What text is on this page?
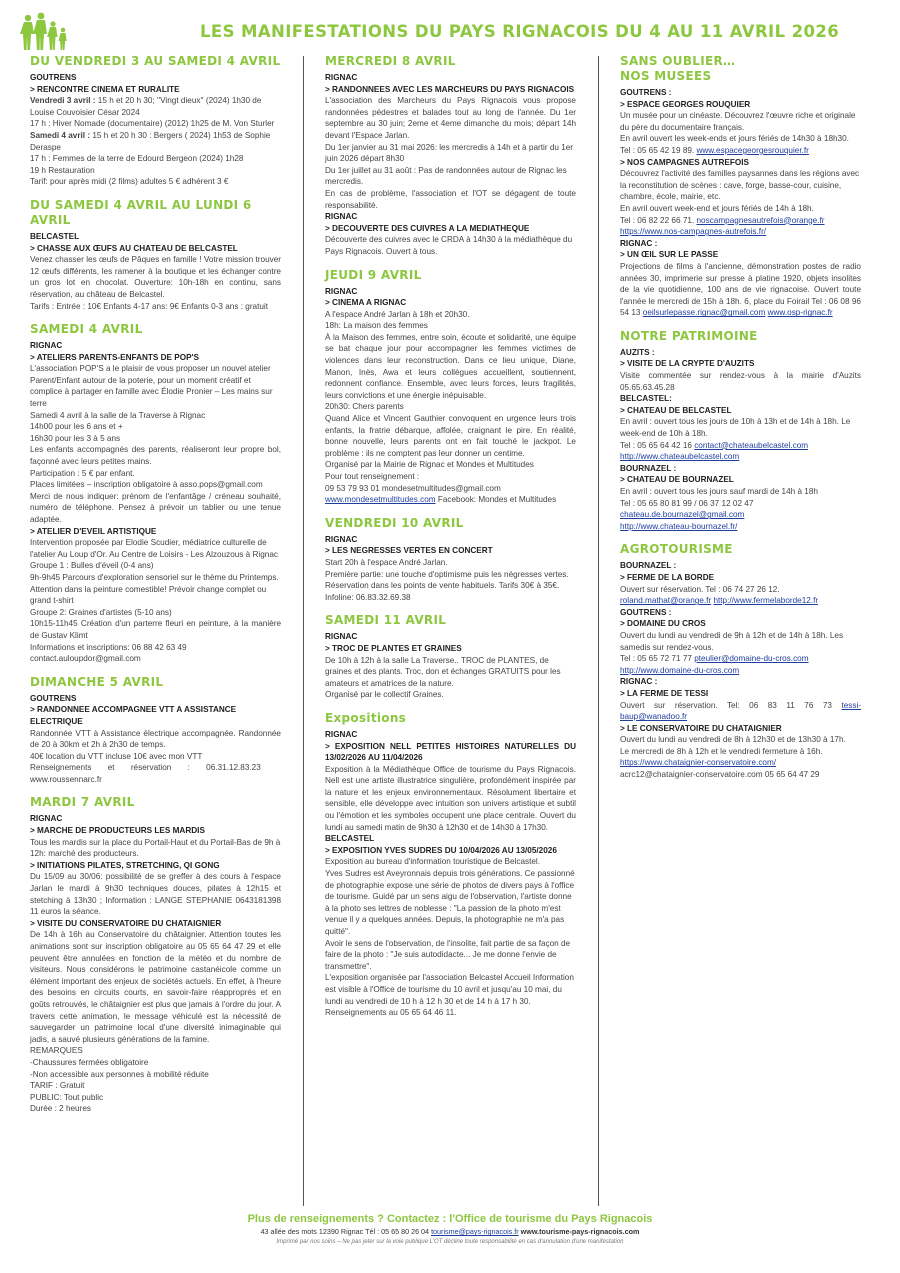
LES MANIFESTATIONS DU PAYS RIGNACOIS DU 4 AU 11 AVRIL 2026
DU VENDREDI 3 AU SAMEDI 4 AVRIL
GOUTRENS
> RENCONTRE CINEMA ET RURALITE

Vendredi 3 avril : 15 h et 20 h 30; ''Vingt dieux'' (2024) 1h30 de Louise Couvoisier César 2024

17 h : Hiver Nomade (documentaire) (2012) 1h25 de M. Von Sturler

Samedi 4 avril : 15 h et 20 h 30 : Bergers ( 2024) 1h53 de Sophie Deraspe

17 h : Femmes de la terre de Edourd Bergeon (2024) 1h28

19 h Restauration

Tarif: pour après midi (2 films) adultes 5 € adhérent 3 €

DU SAMEDI 4 AVRIL AU LUNDI 6 AVRIL
BELCASTEL
> CHASSE AUX ŒUFS AU CHATEAU DE BELCASTEL

Venez chasser les œufs de Pâques en famille ! Votre mission trouver 12 œufs différents, les ramener à la boutique et les échanger contre un gros lot en chocolat. Ouverture: 10h-18h en continu, sans réservation, au château de Belcastel.

Tarifs : Entrée : 10€ Enfants 4-17 ans: 9€ Enfants 0-3 ans : gratuit

SAMEDI 4 AVRIL
RIGNAC
> ATELIERS PARENTS-ENFANTS DE POP'S

L'association POP'S a le plaisir de vous proposer un nouvel atelier Parent/Enfant autour de la poterie, pour un moment créatif et complice à partager en famille avec Élodie Pronier – Les mains sur terre

Samedi 4 avril à la salle de la Traverse à Rignac

14h00 pour les 6 ans et +

16h30 pour les 3 à 5 ans

Les enfants accompagnés des parents, réaliseront leur propre bol, façonné avec leurs petites mains.

Participation : 5 € par enfant.

Places limitées – inscription obligatoire à asso.pops@gmail.com

Merci de nous indiquer: prénom de l'enfantâge / créneau souhaité, numéro de téléphone. Pensez à prévoir un tablier ou une tenue adaptée.

> ATELIER D'EVEIL ARTISTIQUE

Intervention proposée par Elodie Scudier, médiatrice culturelle de l'atelier Au Loup d'Or. Au Centre de Loisirs - Les Alzouzous à Rignac

Groupe 1 : Bulles d'éveil (0-4 ans)

9h-9h45 Parcours d'exploration sensoriel sur le thème du Printemps.

Attention dans la peinture comestible! Prévoir change complet ou grand t-shirt

Groupe 2: Graines d'artistes (5-10 ans)

10h15-11h45 Création d'un parterre fleuri en peinture, à la manière de Gustav Klimt

Informations et inscriptions: 06 88 42 63 49

contact.auloupdor@gmail.com

DIMANCHE 5 AVRIL
GOUTRENS
> RANDONNEE ACCOMPAGNEE VTT A ASSISTANCE ELECTRIQUE

Randonnée VTT à Assistance électrique accompagnée. Randonnée de 20 à 30km et 2h à 2h30 de temps.

40€ location du VTT incluse 10€ avec mon VTT

Renseignements et réservation : 06.31.12.83.23

www.roussennarc.fr

MARDI 7 AVRIL
RIGNAC
> MARCHE DE PRODUCTEURS LES MARDIS

Tous les mardis sur la place du Portail-Haut et du Portail-Bas de 9h à 12h: marché des producteurs.

> INITIATIONS PILATES, STRETCHING, QI GONG

Du 15/09 au 30/06: possibilité de se greffer à des cours à l'espace Jarlan le mardi à 9h30 techniques douces, pilates à 12h15 et stetching à 13h30 ; Information : LANGE STEPHANIE 0643181398 11 euros la séance.

> VISITE DU CONSERVATOIRE DU CHATAIGNIER

De 14h à 16h au Conservatoire du châtaignier. Attention toutes les animations sont sur inscription obligatoire au 05 65 64 47 29 et elle peuvent être annulées en fonction de la météo et du nombre de visiteurs. Nous considérons le patrimoine castanéicole comme un élément important des enjeux de sociétés actuels. En effet, à l'heure des besoins en circuits courts, en savoir-faire réapproprés et en goûts retrouvés, le châtaignier est plus que jamais à l'ordre du jour. A travers cette animation, le message véhiculé est la nécessité de sauvegarder un patrimoine local d'une diversité inimaginable qui jadis, a sauvé plusieurs générations de la famine.

REMARQUES

-Chaussures fermées obligatoire

-Non accessible aux personnes à mobilité réduite

TARIF : Gratuit

PUBLIC: Tout public

Durée : 2 heures

MERCREDI 8 AVRIL
RIGNAC
> RANDONNEES AVEC LES MARCHEURS DU PAYS RIGNACOIS

L'association des Marcheurs du Pays Rignacois vous propose randonnées pédestres et balades tout au long de l'année. Du 1er septembre au 30 juin; 2eme et 4eme dimanche du mois; départ 14h devant l'Espace Jarlan.

Du 1er janvier au 31 mai 2026: les mercredis à 14h et à partir du 1er juin 2026 départ 8h30

Du 1er juillet au 31 août : Pas de randonnées autour de Rignac les mercredis.

En cas de problème, l'association et l'OT se dégagent de toute responsabilité.

RIGNAC
> DECOUVERTE DES CUIVRES A LA MEDIATHEQUE

Découverte des cuivres avec le CRDA à 14h30 à la médiathèque du Pays Rignacois. Ouvert à tous.

JEUDI 9 AVRIL
RIGNAC
> CINEMA A RIGNAC

A l'espace André Jarlan à 18h et 20h30.

18h: La maison des femmes

À la Maison des femmes, entre soin, écoute et solidarité, une équipe se bat chaque jour pour accompagner les femmes victimes de violences dans leur reconstruction. Dans ce lieu unique, Diane, Manon, Inès, Awa et leurs collègues accueillent, soutiennent, redonnent confiance. Ensemble, avec leurs forces, leurs fragilités, leurs convictions et une énergie inépuisable.

20h30: Chers parents

Quand Alice et Vincent Gauthier convoquent en urgence leurs trois enfants, la fratrie débarque, affolée, craignant le pire. En réalité, bonne nouvelle, leurs parents ont en fait touché le jackpot. Le problème : ils ne comptent pas leur donner un centime.

Organisé par la Mairie de Rignac et Mondes et Multitudes

Pour tout renseignement :

09 53 79 93 01 mondesetmultitudes@gmail.com

www.mondesetmultitudes.com Facebook: Mondes et Multitudes

VENDREDI 10 AVRIL
RIGNAC
> LES NEGRESSES VERTES EN CONCERT

Start 20h à l'espace André Jarlan.

Première partie: une touche d'optimisme puis les négresses vertes.

Réservation dans les points de vente habituels. Tarifs 30€ à 35€.

Infoline: 06.83.32.69.38

SAMEDI 11 AVRIL
RIGNAC
> TROC DE PLANTES ET GRAINES

De 10h à 12h à la salle La Traverse.. TROC de PLANTES, de graines et des plants. Troc, don et échanges GRATUITS pour les amateurs et amatrices de la nature.

Organisé par le collectif Graines.

Expositions
RIGNAC
> EXPOSITION NELL PETITES HISTOIRES NATURELLES DU 13/02/2026 AU 11/04/2026

Exposition à la Médiathèque Office de tourisme du Pays Rignacois. Nell est une artiste illustratrice singulière, profondément inspirée par la nature et les enjeux environnementaux. Résolument libertaire et sensible, elle développe avec intuition son univers artistique et subtil ou l'émotion et les symboles occupent une place centrale. Ouvert du lundi au samedi matin de 9h30 à 12h30 et de 14h30 à 17h30.

BELCASTEL
> EXPOSITION YVES SUDRES DU 10/04/2026 AU 13/05/2026

Exposition au bureau d'information touristique de Belcastel.

Yves Sudres est Aveyronnais depuis trois générations. Ce passionné de photographie expose une série de photos de divers pays à l'office de tourisme. Guidé par un sens aigu de l'observation, l'artiste donne à la photo ses lettres de noblesse : "La passion de la photo m'est venue il y a quelques années. Depuis, la photographie ne m'a pas quitté".

Avoir le sens de l'observation, de l'insolite, fait partie de sa façon de faire de la photo : "Je suis autodidacte... Je me donne l'envie de transmettre".

L'exposition organisée par l'association Belcastel Accueil Information est visible à l'Office de tourisme du 10 avril et jusqu'au 10 mai, du lundi au vendredi de 10 h à 12 h 30 et de 14 h à 17 h 30. Renseignements au 05 65 64 46 11.

SANS OUBLIER…
NOS MUSEES
GOUTRENS :
> ESPACE GEORGES ROUQUIER

Un musée pour un cinéaste. Découvrez l'œuvre riche et originale du père du documentaire français.

En avril ouvert les week-ends et jours fériés de 14h30 à 18h30.

Tel : 05 65 42 19 89. www.espacegeorgesrouquier.fr

> NOS CAMPAGNES AUTREFOIS

Découvrez l'activité des familles paysannes dans les régions avec la reconstitution de scènes : cave, forge, basse-cour, cuisine, chambre, école, mairie, etc.

En avril ouvert week-end et jours fériés de 14h à 18h.

Tel : 06 82 22 66 71. noscampagnesautrefois@orange.fr

https://www.nos-campagnes-autrefois.fr/

RIGNAC :
> UN ŒIL SUR LE PASSE

Projections de films à l'ancienne, démonstration postes de radio années 30, imprimerie sur presse à platine 1920, objets insolites de la vie quotidienne, 100 ans de vie rignacoise. Ouvert toute l'année le mercredi de 15h à 18h. 6, place du Foirail Tel : 06 08 96 54 13 oeilsurlepasse.rignac@gmail.com www.osp-rignac.fr

NOTRE PATRIMOINE
AUZITS :
> VISITE DE LA CRYPTE D'AUZITS

Visite commentée sur rendez-vous à la mairie d'Auzits 05.65.63.45.28

BELCASTEL:
> CHATEAU DE BELCASTEL

En avril : ouvert tous les jours de 10h à 13h et de 14h à 18h. Le week-end de 10h à 18h.

Tel : 05 65 64 42 16 contact@chateaubelcastel.com

http://www.chateaubelcastel.com

BOURNAZEL :
> CHATEAU DE BOURNAZEL

En avril : ouvert tous les jours sauf mardi de 14h à 18h

Tel : 05 65 80 81 99 / 06 37 12 02 47

chateau.de.bournazel@gmail.com

http://www.chateau-bournazel.fr/

AGROTOURISME
BOURNAZEL :
> FERME DE LA BORDE

Ouvert sur réservation. Tel : 06 74 27 26 12.

roland.mathat@orange.fr http://www.fermelaborde12.fr

GOUTRENS :
> DOMAINE DU CROS

Ouvert du lundi au vendredi de 9h à 12h et de 14h à 18h. Les samedis sur rendez-vous.

Tel : 05 65 72 71 77 pteulier@domaine-du-cros.com

http://www.domaine-du-cros.com

RIGNAC :
> LA FERME DE TESSI

Ouvert sur réservation. Tel: 06 83 11 76 73 tessi-baup@wanadoo.fr

> LE CONSERVATOIRE DU CHATAIGNIER

Ouvert du lundi au vendredi de 8h à 12h30 et de 13h30 à 17h.

Le mercredi de 8h à 12h et le vendredi fermeture à 16h.

https://www.chataignier-conservatoire.com/

acrc12@chataignier-conservatoire.com 05 65 64 47 29

Plus de renseignements ? Contactez : l'Office de tourisme du Pays Rignacois
43 allée des mots 12390 Rignac Tél : 05 65 80 26 04 tourisme@pays-rignacois.fr www.tourisme-pays-rignacois.com
Imprimé par nos soins – Ne pas jeter sur la voie publique L'OT décline toute responsabilité en cas d'annulation d'une manifestation
